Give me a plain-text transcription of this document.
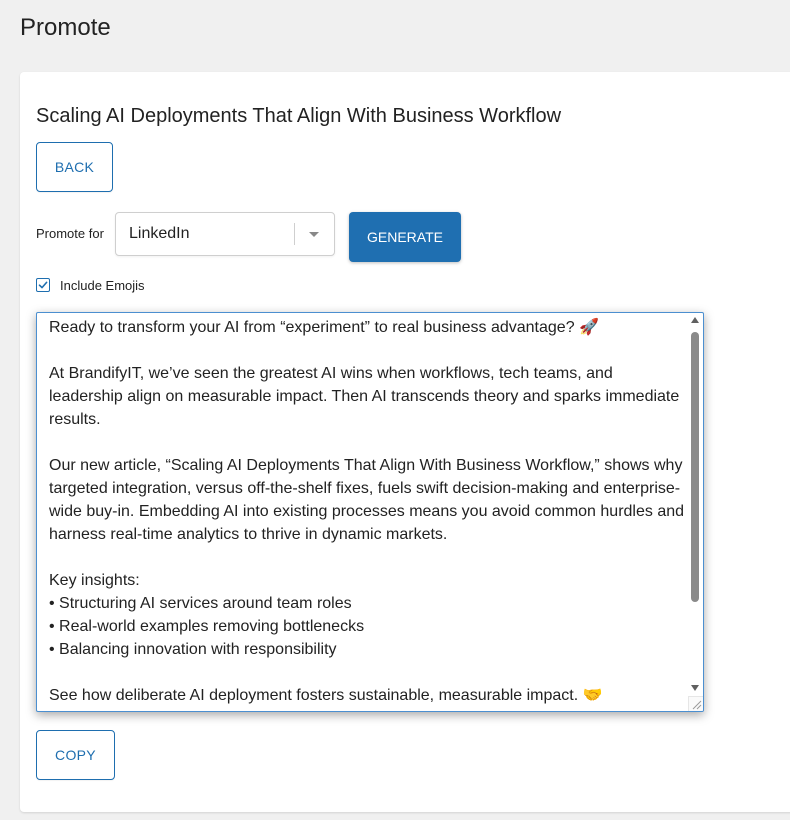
Promote
Scaling AI Deployments That Align With Business Workflow
BACK
Promote for LinkedIn	GENERATE
Include Emojis

Ready to transform your AI from “experiment” to real business advantage? 🚀

At BrandifyIT, we’ve seen the greatest AI wins when workflows, tech teams, and leadership align on measurable impact. Then AI transcends theory and sparks immediate results.

Our new article, “Scaling AI Deployments That Align With Business Workflow,” shows why targeted integration, versus off-the-shelf fixes, fuels swift decision-making and enterprise-wide buy-in. Embedding AI into existing processes means you avoid common hurdles and harness real-time analytics to thrive in dynamic markets.

Key insights:

• Structuring AI services around team roles

• Real-world examples removing bottlenecks

• Balancing innovation with responsibility

See how deliberate AI deployment fosters sustainable, measurable impact. 🤝

COPY
